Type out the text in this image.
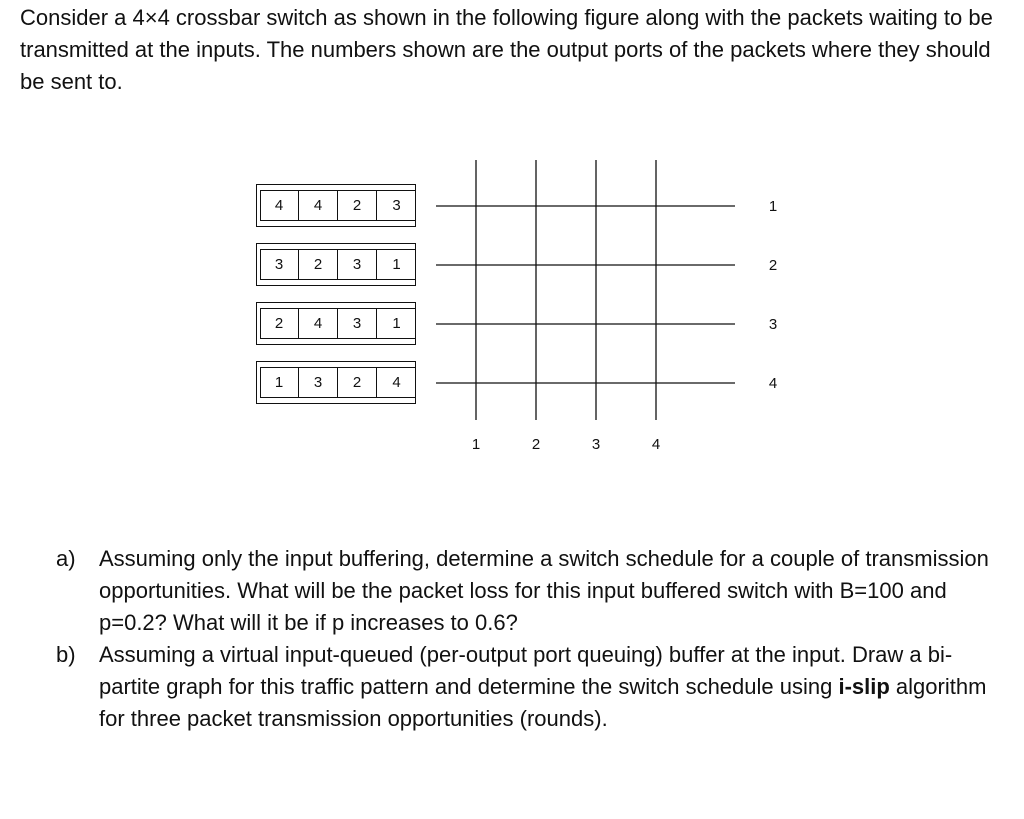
Consider a 4×4 crossbar switch as shown in the following figure along with the packets waiting to be transmitted at the inputs. The numbers shown are the output ports of the packets where they should be sent to.

4	4	2	3
3	2	3	1
2	4	3	1
1	3	2	4
1
2
3
4
1	2	3	4
a) Assuming only the input buffering, determine a switch schedule for a couple of transmission opportunities. What will be the packet loss for this input buffered switch with B=100 and p=0.2? What will it be if p increases to 0.6?
b) Assuming a virtual input-queued (per-output port queuing) buffer at the input. Draw a bi-partite graph for this traffic pattern and determine the switch schedule using i-slip algorithm for three packet transmission opportunities (rounds).
